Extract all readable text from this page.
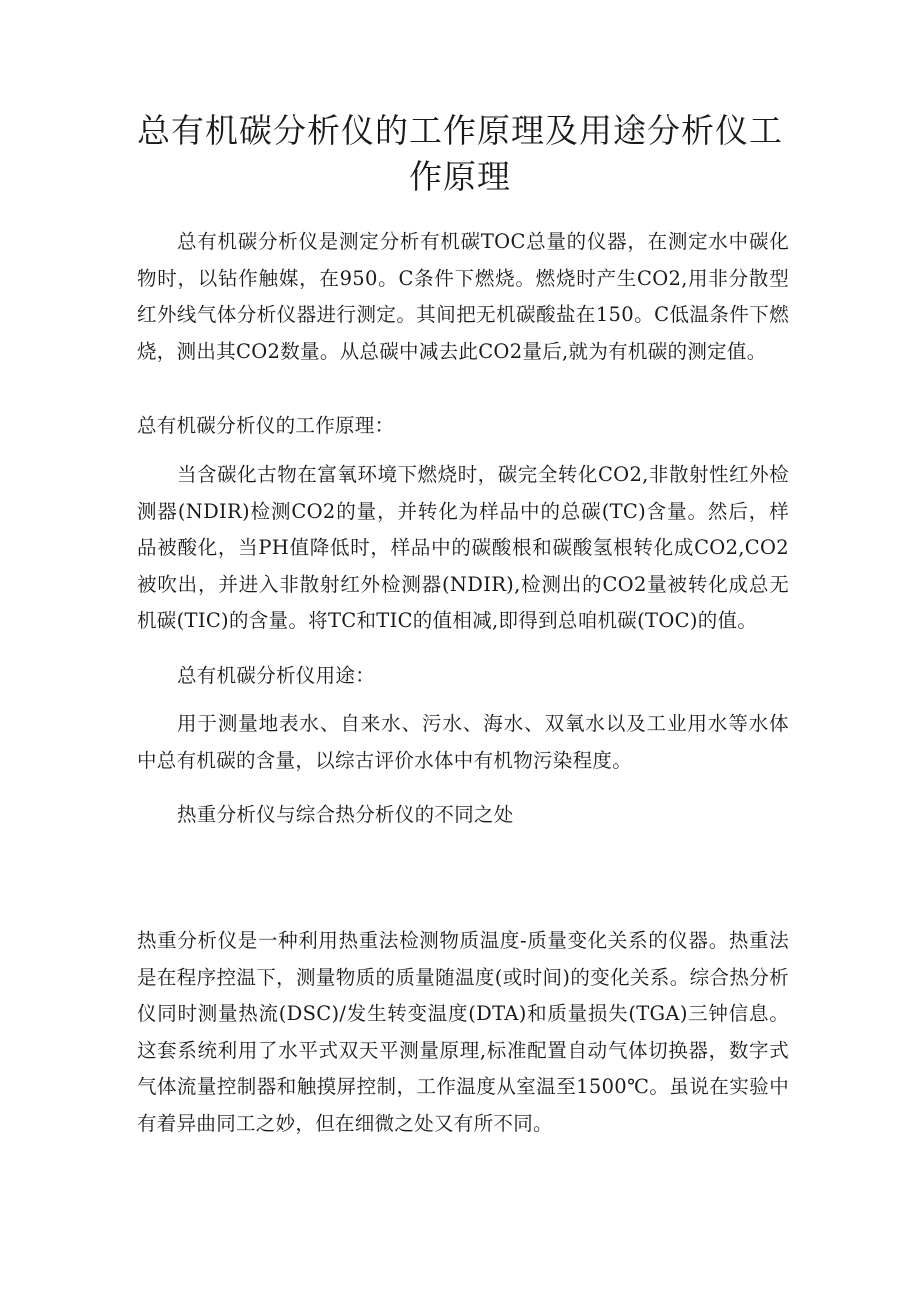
总有机碳分析仪的工作原理及用途分析仪工作原理

总有机碳分析仪是测定分析有机碳TOC总量的仪器，在测定水中碳化物时，以钻作触媒，在950。C条件下燃烧。燃烧时产生CO2,用非分散型红外线气体分析仪器进行测定。其间把无机碳酸盐在150。C低温条件下燃烧，测出其CO2数量。从总碳中减去此CO2量后,就为有机碳的测定值。

总有机碳分析仪的工作原理：

当含碳化古物在富氧环境下燃烧时，碳完全转化CO2,非散射性红外检测器(NDIR)检测CO2的量，并转化为样品中的总碳(TC)含量。然后，样品被酸化，当PH值降低时，样品中的碳酸根和碳酸氢根转化成CO2,CO2被吹出，并进入非散射红外检测器(NDIR),检测出的CO2量被转化成总无机碳(TIC)的含量。将TC和TIC的值相减,即得到总咱机碳(TOC)的值。

总有机碳分析仪用途：

用于测量地表水、自来水、污水、海水、双氧水以及工业用水等水体中总有机碳的含量，以综古评价水体中有机物污染程度。

热重分析仪与综合热分析仪的不同之处

热重分析仪是一种利用热重法检测物质温度-质量变化关系的仪器。热重法是在程序控温下，测量物质的质量随温度(或时间)的变化关系。综合热分析仪同时测量热流(DSC)/发生转变温度(DTA)和质量损失(TGA)三钟信息。这套系统利用了水平式双天平测量原理,标准配置自动气体切换器，数字式气体流量控制器和触摸屏控制，工作温度从室温至1500℃。虽说在实验中有着异曲同工之妙，但在细微之处又有所不同。
